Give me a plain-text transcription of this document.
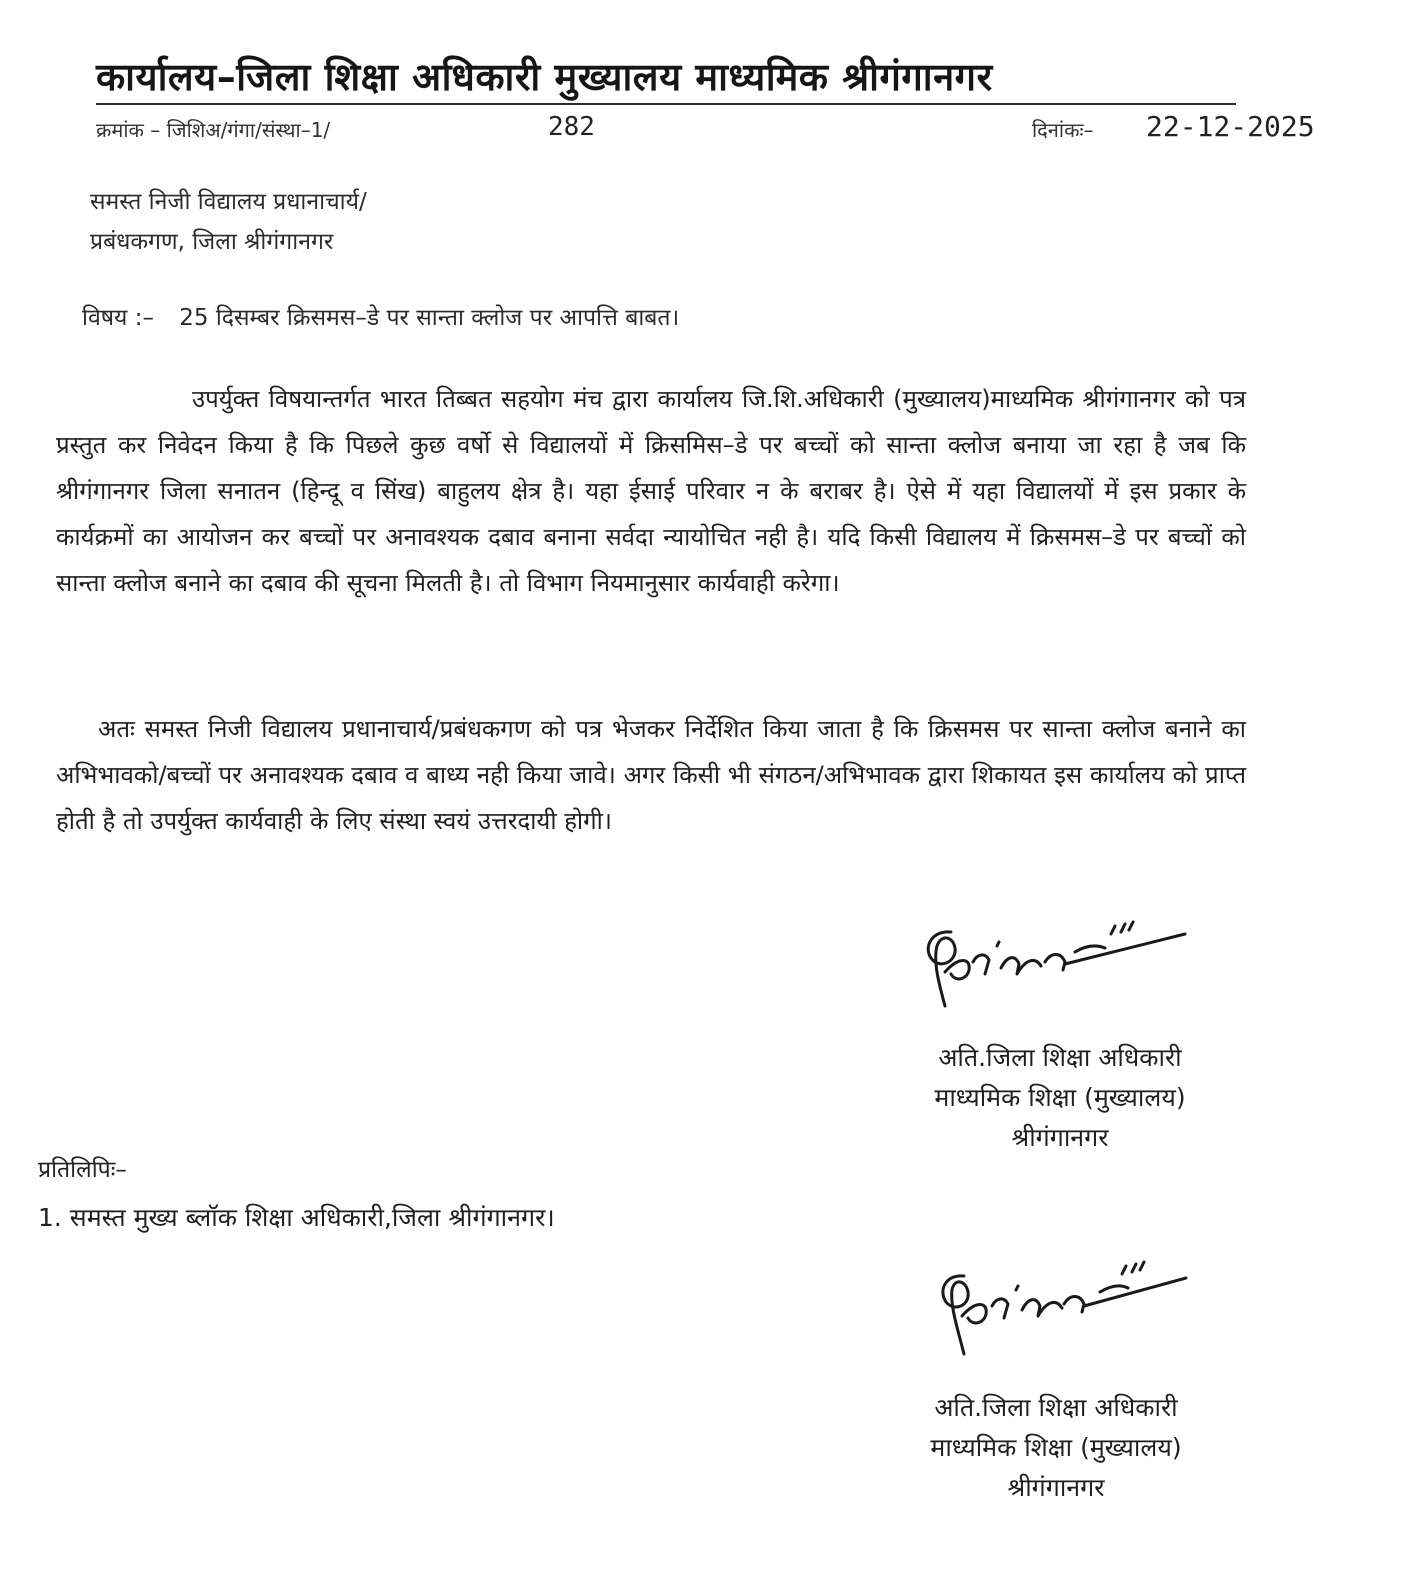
कार्यालय–जिला शिक्षा अधिकारी मुख्यालय माध्यमिक श्रीगंगानगर
क्रमांक – जिशिअ/गंगा/संस्था–1/	282	दिनांकः– 22-12-2025
समस्त निजी विद्यालय प्रधानाचार्य/
प्रबंधकगण, जिला श्रीगंगानगर
विषय :– 25 दिसम्बर क्रिसमस–डे पर सान्ता क्लोज पर आपत्ति बाबत।
उपर्युक्त विषयान्तर्गत भारत तिब्बत सहयोग मंच द्वारा कार्यालय जि.शि.अधिकारी (मुख्यालय)माध्यमिक श्रीगंगानगर को पत्र प्रस्तुत कर निवेदन किया है कि पिछले कुछ वर्षो से विद्यालयों में क्रिसमिस–डे पर बच्चों को सान्ता क्लोज बनाया जा रहा है जब कि श्रीगंगानगर जिला सनातन (हिन्दू व सिंख) बाहुलय क्षेत्र है। यहा ईसाई परिवार न के बराबर है। ऐसे में यहा विद्यालयों में इस प्रकार के कार्यक्रमों का आयोजन कर बच्चों पर अनावश्यक दबाव बनाना सर्वदा न्यायोचित नही है। यदि किसी विद्यालय में क्रिसमस–डे पर बच्चों को सान्ता क्लोज बनाने का दबाव की सूचना मिलती है। तो विभाग नियमानुसार कार्यवाही करेगा।
अतः समस्त निजी विद्यालय प्रधानाचार्य/प्रबंधकगण को पत्र भेजकर निर्देशित किया जाता है कि क्रिसमस पर सान्ता क्लोज बनाने का अभिभावको/बच्चों पर अनावश्यक दबाव व बाध्य नही किया जावे। अगर किसी भी संगठन/अभिभावक द्वारा शिकायत इस कार्यालय को प्राप्त होती है तो उपर्युक्त कार्यवाही के लिए संस्था स्वयं उत्तरदायी होगी।
अति.जिला शिक्षा अधिकारी
माध्यमिक शिक्षा (मुख्यालय)
श्रीगंगानगर
प्रतिलिपिः–
1. समस्त मुख्य ब्लॉक शिक्षा अधिकारी,जिला श्रीगंगानगर।
अति.जिला शिक्षा अधिकारी
माध्यमिक शिक्षा (मुख्यालय)
श्रीगंगानगर
